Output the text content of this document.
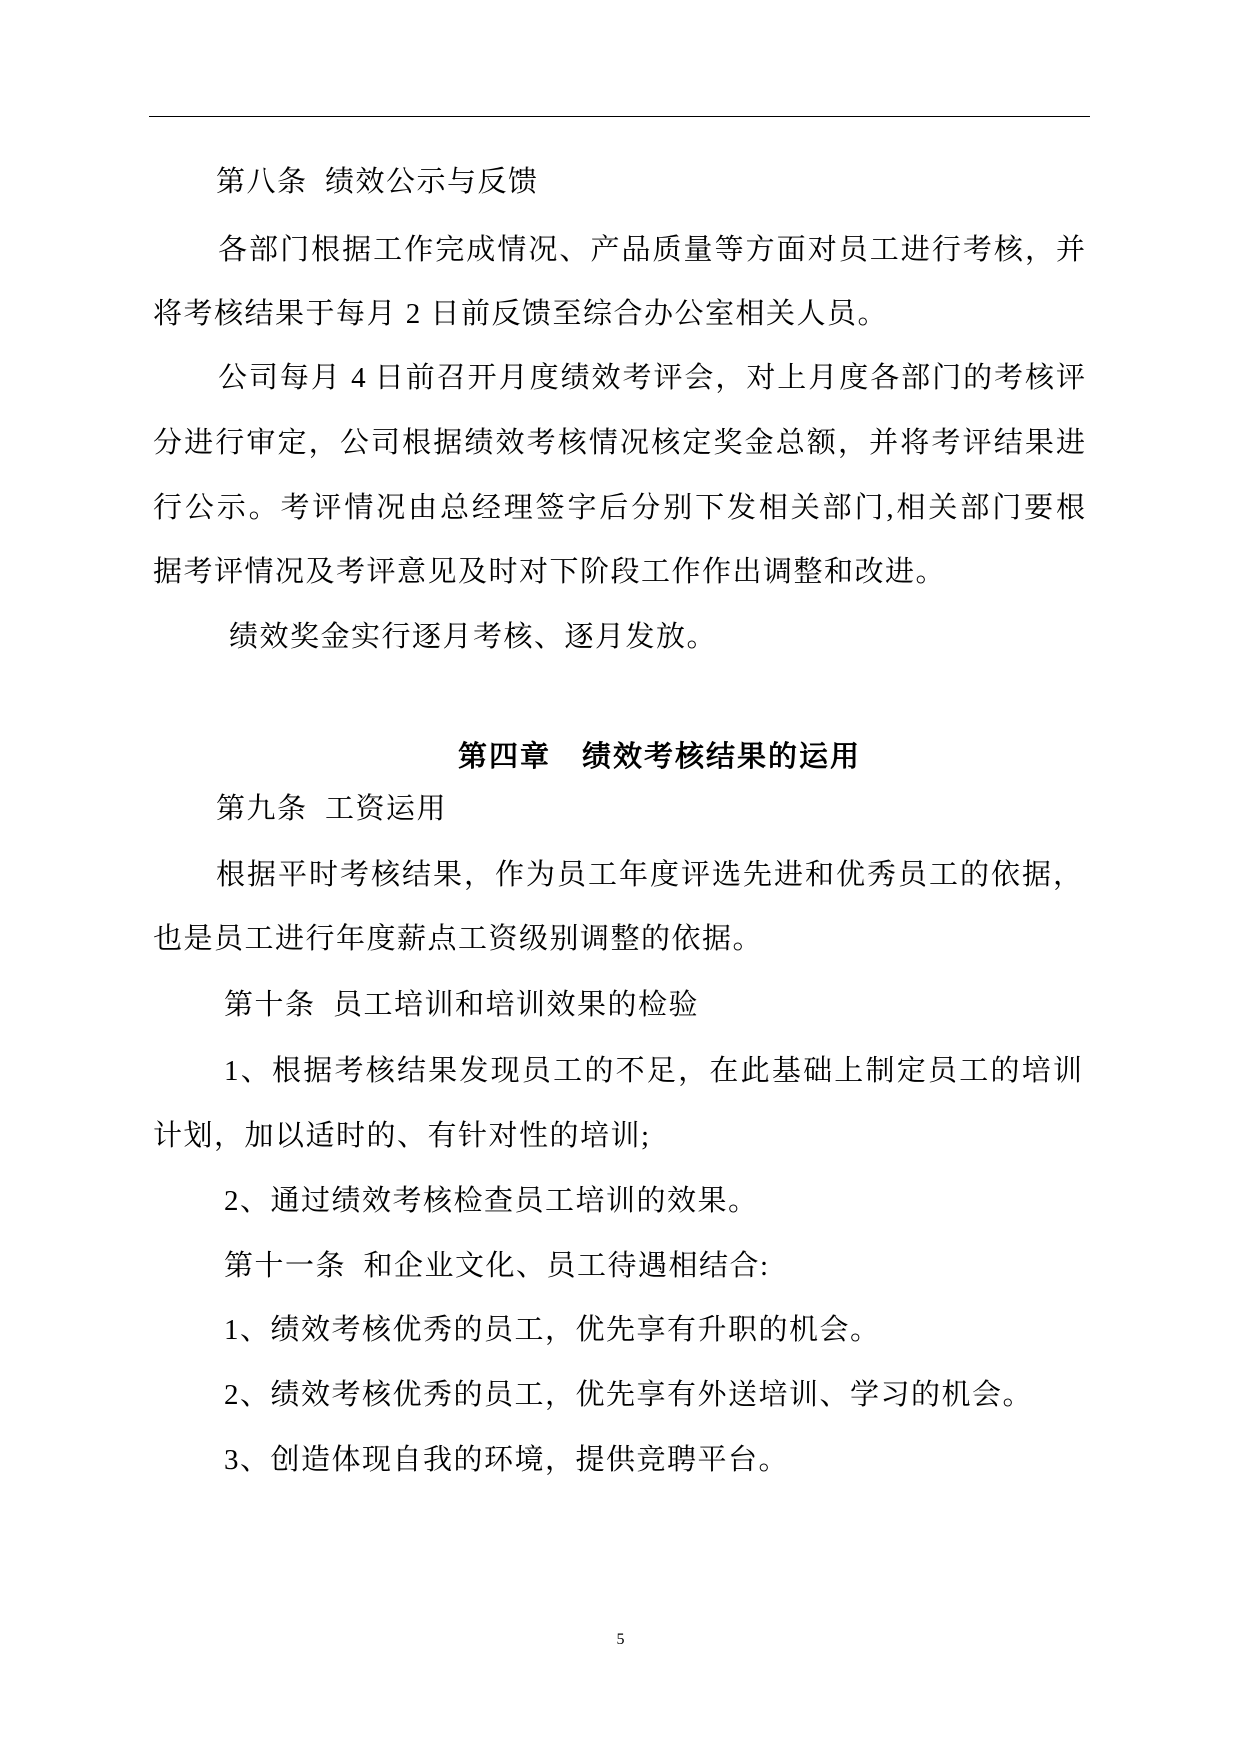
第八条  绩效公示与反馈
各部门根据工作完成情况、产品质量等方面对员工进行考核，并
将考核结果于每月 2 日前反馈至综合办公室相关人员。
公司每月 4 日前召开月度绩效考评会，对上月度各部门的考核评
分进行审定，公司根据绩效考核情况核定奖金总额，并将考评结果进
行公示。考评情况由总经理签字后分别下发相关部门,相关部门要根
据考评情况及考评意见及时对下阶段工作作出调整和改进。
绩效奖金实行逐月考核、逐月发放。
第四章　绩效考核结果的运用
第九条  工资运用
根据平时考核结果，作为员工年度评选先进和优秀员工的依据，
也是员工进行年度薪点工资级别调整的依据。
第十条  员工培训和培训效果的检验
1、根据考核结果发现员工的不足，在此基础上制定员工的培训
计划，加以适时的、有针对性的培训;
2、通过绩效考核检查员工培训的效果。
第十一条  和企业文化、员工待遇相结合:
1、绩效考核优秀的员工，优先享有升职的机会。
2、绩效考核优秀的员工，优先享有外送培训、学习的机会。
3、创造体现自我的环境，提供竞聘平台。
5
